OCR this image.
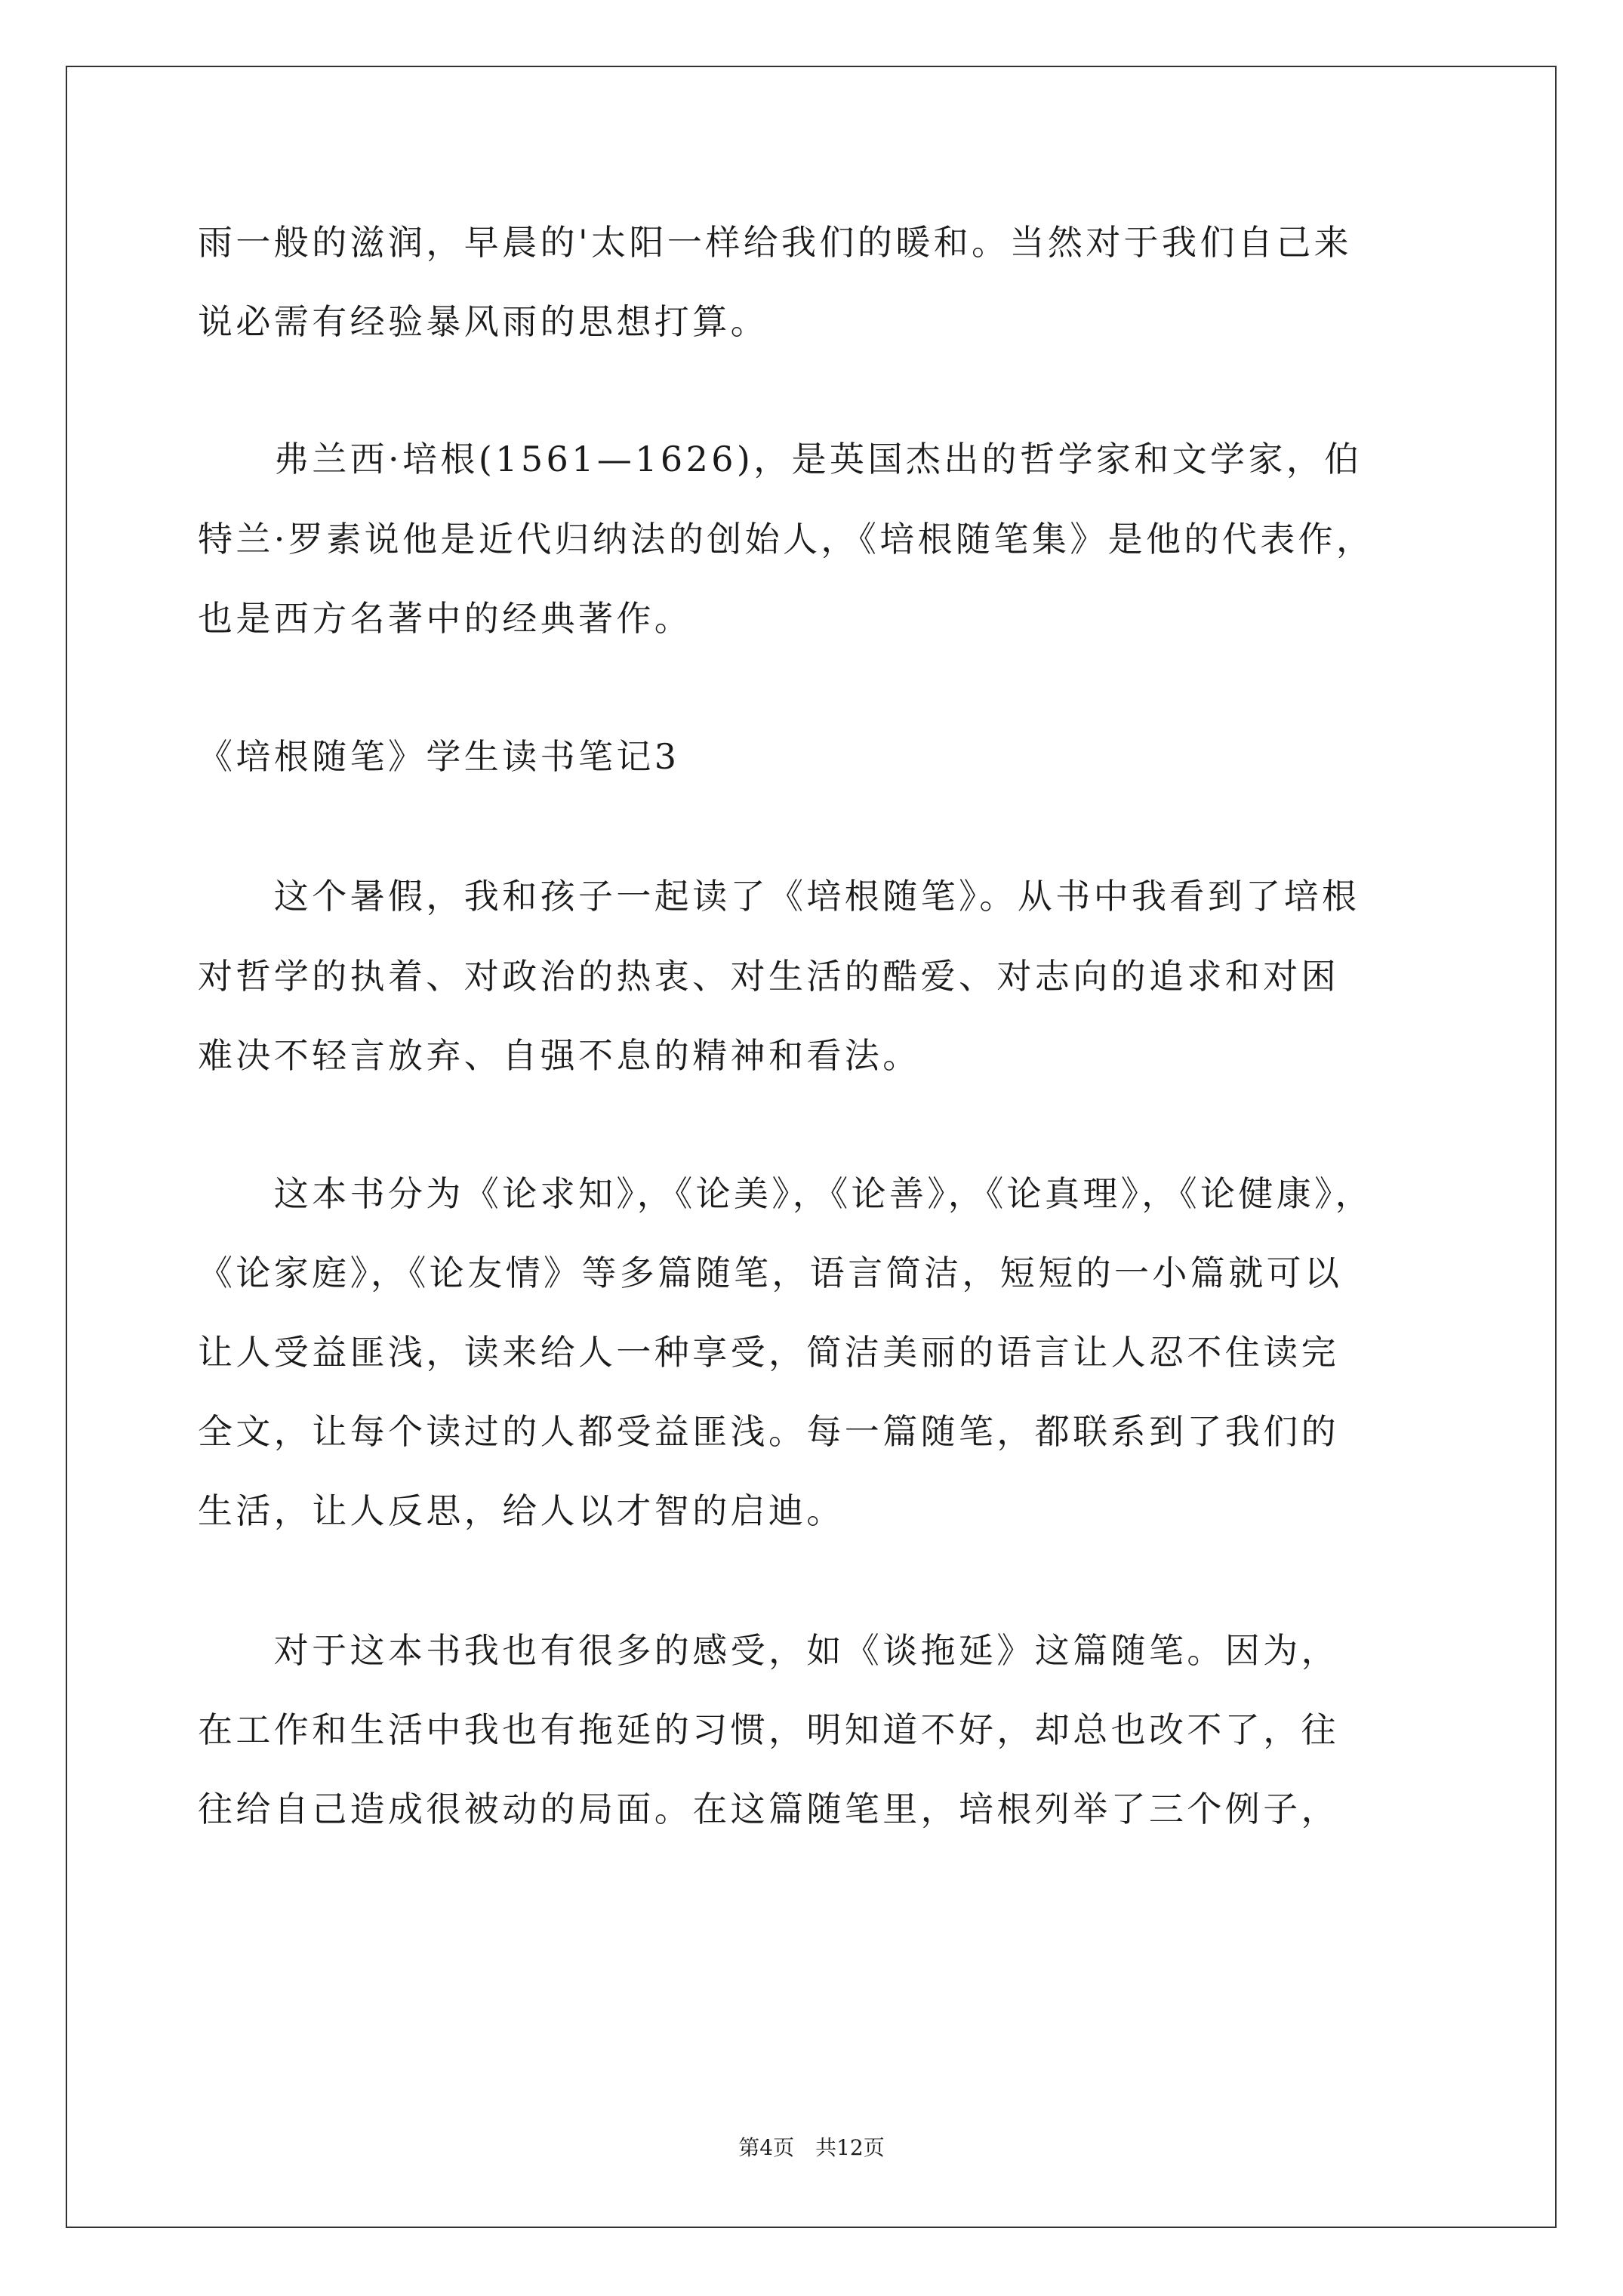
雨一般的滋润，早晨的'太阳一样给我们的暖和。当然对于我们自己来
说必需有经验暴风雨的思想打算。
　　弗兰西·培根(1561—1626)，是英国杰出的哲学家和文学家，伯
特兰·罗素说他是近代归纳法的创始人，《培根随笔集》是他的代表作，
也是西方名著中的经典著作。
《培根随笔》学生读书笔记3
　　这个暑假，我和孩子一起读了《培根随笔》。从书中我看到了培根
对哲学的执着、对政治的热衷、对生活的酷爱、对志向的追求和对困
难决不轻言放弃、自强不息的精神和看法。
　　这本书分为《论求知》，《论美》，《论善》，《论真理》，《论健康》，
《论家庭》，《论友情》等多篇随笔，语言简洁，短短的一小篇就可以
让人受益匪浅，读来给人一种享受，简洁美丽的语言让人忍不住读完
全文，让每个读过的人都受益匪浅。每一篇随笔，都联系到了我们的
生活，让人反思，给人以才智的启迪。
　　对于这本书我也有很多的感受，如《谈拖延》这篇随笔。因为，
在工作和生活中我也有拖延的习惯，明知道不好，却总也改不了，往
往给自己造成很被动的局面。在这篇随笔里，培根列举了三个例子，
第4页　共12页
